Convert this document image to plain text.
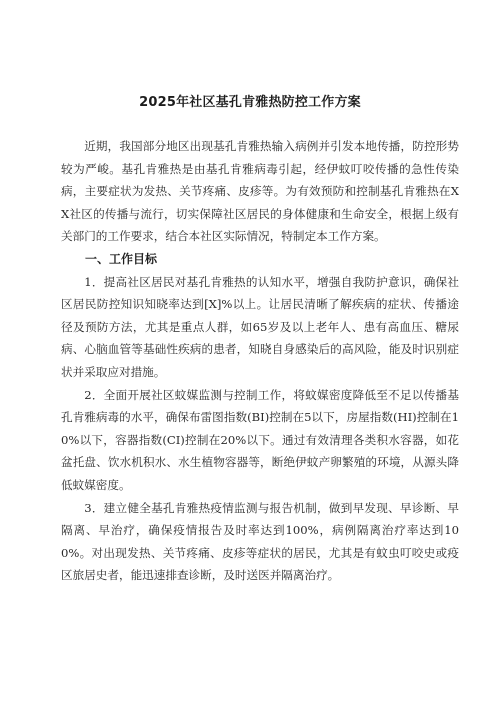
2025年社区基孔肯雅热防控工作方案

近期，我国部分地区出现基孔肯雅热输入病例并引发本地传播，防控形势较为严峻。基孔肯雅热是由基孔肯雅病毒引起，经伊蚊叮咬传播的急性传染病，主要症状为发热、关节疼痛、皮疹等。为有效预防和控制基孔肯雅热在XX社区的传播与流行，切实保障社区居民的身体健康和生命安全，根据上级有关部门的工作要求，结合本社区实际情况，特制定本工作方案。

一、工作目标

1．提高社区居民对基孔肯雅热的认知水平，增强自我防护意识，确保社区居民防控知识知晓率达到[X]%以上。让居民清晰了解疾病的症状、传播途径及预防方法，尤其是重点人群，如65岁及以上老年人、患有高血压、糖尿病、心脑血管等基础性疾病的患者，知晓自身感染后的高风险，能及时识别症状并采取应对措施。

2．全面开展社区蚊媒监测与控制工作，将蚊媒密度降低至不足以传播基孔肯雅病毒的水平，确保布雷图指数(BI)控制在5以下，房屋指数(HI)控制在10%以下，容器指数(CI)控制在20%以下。通过有效清理各类积水容器，如花盆托盘、饮水机积水、水生植物容器等，断绝伊蚊产卵繁殖的环境，从源头降低蚊媒密度。

3．建立健全基孔肯雅热疫情监测与报告机制，做到早发现、早诊断、早隔离、早治疗，确保疫情报告及时率达到100%，病例隔离治疗率达到100%。对出现发热、关节疼痛、皮疹等症状的居民，尤其是有蚊虫叮咬史或疫区旅居史者，能迅速排查诊断，及时送医并隔离治疗。
